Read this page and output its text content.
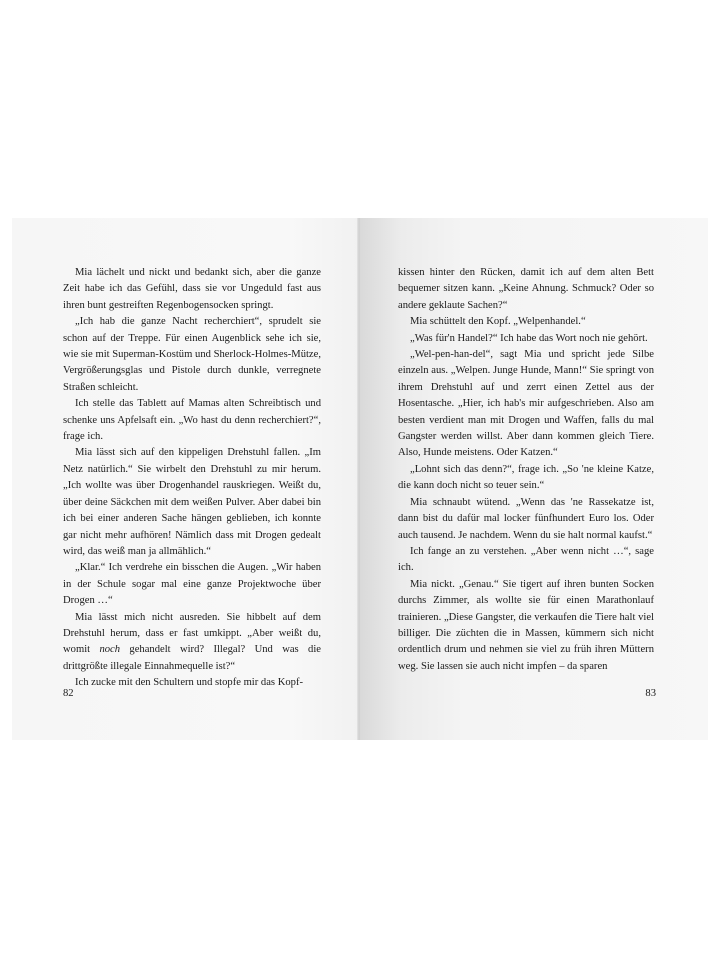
Mia lächelt und nickt und bedankt sich, aber die ganze Zeit habe ich das Gefühl, dass sie vor Ungeduld fast aus ihren bunt gestreiften Regenbogensocken springt.

„Ich hab die ganze Nacht recherchiert“, sprudelt sie schon auf der Treppe. Für einen Augenblick sehe ich sie, wie sie mit Superman-Kostüm und Sherlock-Holmes-Mütze, Vergrößerungsglas und Pistole durch dunkle, verregnete Straßen schleicht.

Ich stelle das Tablett auf Mamas alten Schreibtisch und schenke uns Apfelsaft ein. „Wo hast du denn recherchiert?“, frage ich.

Mia lässt sich auf den kippeligen Drehstuhl fallen. „Im Netz natürlich.“ Sie wirbelt den Drehstuhl zu mir herum. „Ich wollte was über Drogenhandel rauskriegen. Weißt du, über deine Säckchen mit dem weißen Pulver. Aber dabei bin ich bei einer anderen Sache hängen geblieben, ich konnte gar nicht mehr aufhören! Nämlich dass mit Drogen gedealt wird, das weiß man ja allmählich.“

„Klar.“ Ich verdrehe ein bisschen die Augen. „Wir haben in der Schule sogar mal eine ganze Projektwoche über Drogen …“

Mia lässt mich nicht ausreden. Sie hibbelt auf dem Drehstuhl herum, dass er fast umkippt. „Aber weißt du, womit noch gehandelt wird? Illegal? Und was die drittgrößte illegale Einnahmequelle ist?“

Ich zucke mit den Schultern und stopfe mir das Kopf-

82

kissen hinter den Rücken, damit ich auf dem alten Bett bequemer sitzen kann. „Keine Ahnung. Schmuck? Oder so andere geklaute Sachen?“

Mia schüttelt den Kopf. „Welpenhandel.“

„Was für'n Handel?“ Ich habe das Wort noch nie gehört.

„Wel-pen-han-del“, sagt Mia und spricht jede Silbe einzeln aus. „Welpen. Junge Hunde, Mann!“ Sie springt von ihrem Drehstuhl auf und zerrt einen Zettel aus der Hosentasche. „Hier, ich hab's mir aufgeschrieben. Also am besten verdient man mit Drogen und Waffen, falls du mal Gangster werden willst. Aber dann kommen gleich Tiere. Also, Hunde meistens. Oder Katzen.“

„Lohnt sich das denn?“, frage ich. „So 'ne kleine Katze, die kann doch nicht so teuer sein.“

Mia schnaubt wütend. „Wenn das 'ne Rassekatze ist, dann bist du dafür mal locker fünfhundert Euro los. Oder auch tausend. Je nachdem. Wenn du sie halt normal kaufst.“

Ich fange an zu verstehen. „Aber wenn nicht …“, sage ich.

Mia nickt. „Genau.“ Sie tigert auf ihren bunten Socken durchs Zimmer, als wollte sie für einen Marathonlauf trainieren. „Diese Gangster, die verkaufen die Tiere halt viel billiger. Die züchten die in Massen, kümmern sich nicht ordentlich drum und nehmen sie viel zu früh ihren Müttern weg. Sie lassen sie auch nicht impfen – da sparen

83
